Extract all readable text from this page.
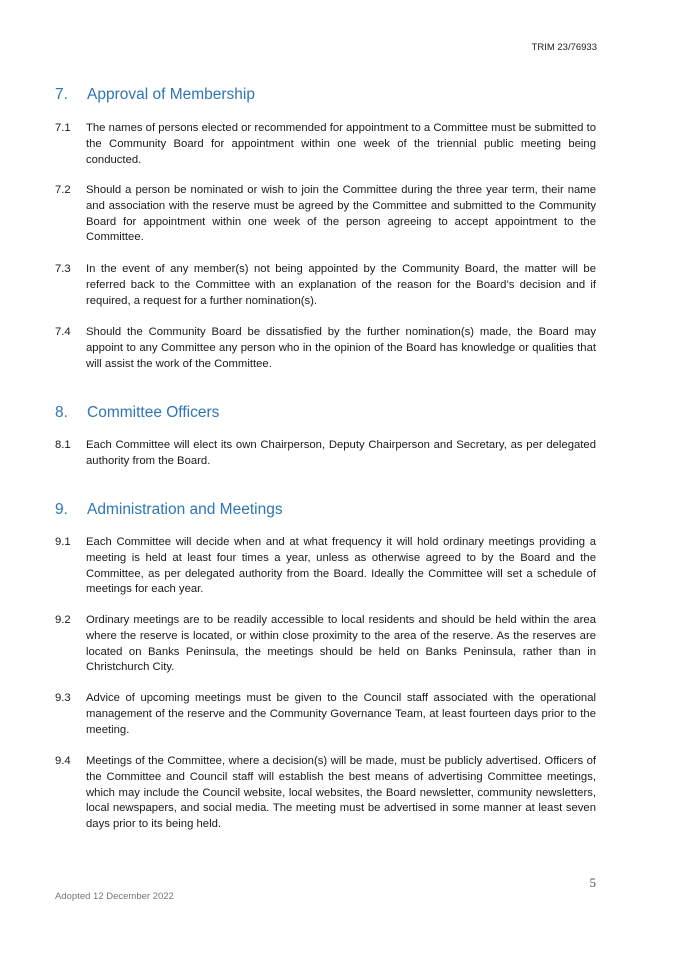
TRIM 23/76933
7. Approval of Membership
7.1	The names of persons elected or recommended for appointment to a Committee must be submitted to the Community Board for appointment within one week of the triennial public meeting being conducted.
7.2	Should a person be nominated or wish to join the Committee during the three year term, their name and association with the reserve must be agreed by the Committee and submitted to the Community Board for appointment within one week of the person agreeing to accept appointment to the Committee.
7.3	In the event of any member(s) not being appointed by the Community Board, the matter will be referred back to the Committee with an explanation of the reason for the Board’s decision and if required, a request for a further nomination(s).
7.4	Should the Community Board be dissatisfied by the further nomination(s) made, the Board may appoint to any Committee any person who in the opinion of the Board has knowledge or qualities that will assist the work of the Committee.
8. Committee Officers
8.1	Each Committee will elect its own Chairperson, Deputy Chairperson and Secretary, as per delegated authority from the Board.
9. Administration and Meetings
9.1	Each Committee will decide when and at what frequency it will hold ordinary meetings providing a meeting is held at least four times a year, unless as otherwise agreed to by the Board and the Committee, as per delegated authority from the Board. Ideally the Committee will set a schedule of meetings for each year.
9.2	Ordinary meetings are to be readily accessible to local residents and should be held within the area where the reserve is located, or within close proximity to the area of the reserve. As the reserves are located on Banks Peninsula, the meetings should be held on Banks Peninsula, rather than in Christchurch City.
9.3	Advice of upcoming meetings must be given to the Council staff associated with the operational management of the reserve and the Community Governance Team, at least fourteen days prior to the meeting.
9.4	Meetings of the Committee, where a decision(s) will be made, must be publicly advertised. Officers of the Committee and Council staff will establish the best means of advertising Committee meetings, which may include the Council website, local websites, the Board newsletter, community newsletters, local newspapers, and social media. The meeting must be advertised in some manner at least seven days prior to its being held.
5
Adopted 12 December 2022
